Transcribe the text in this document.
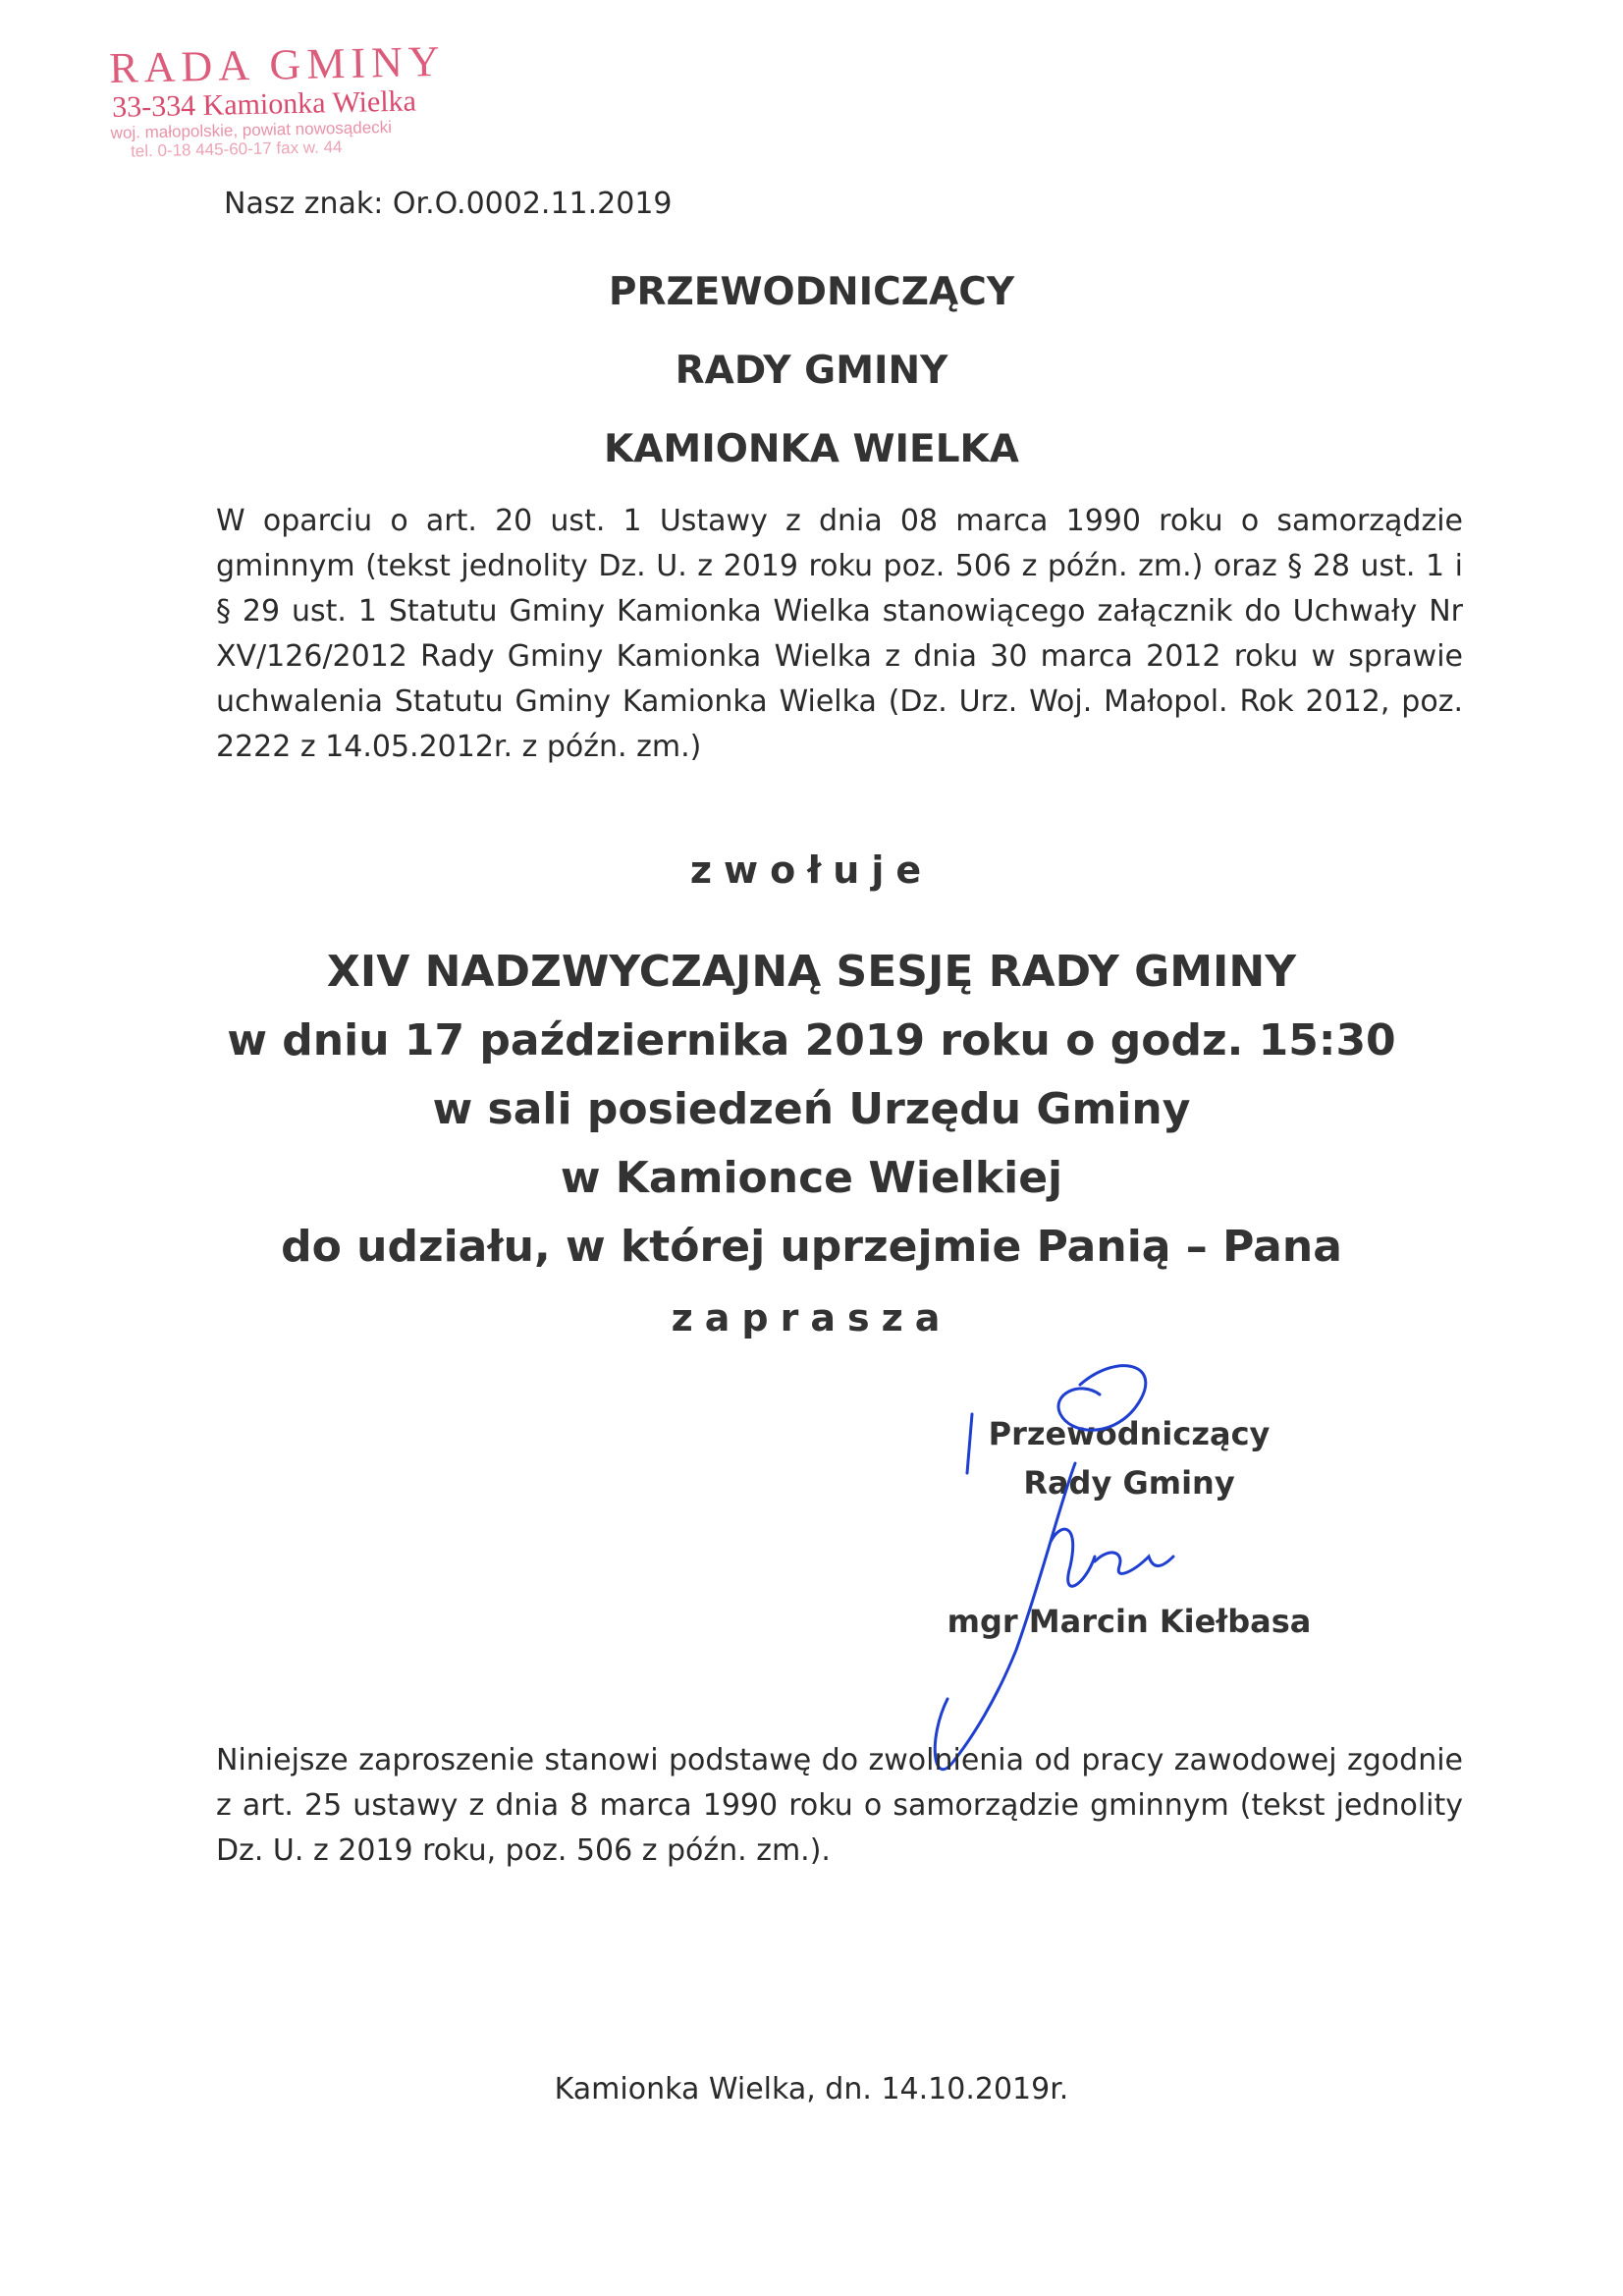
RADA GMINY
33-334 Kamionka Wielka
woj. małopolskie, powiat nowosądecki
tel. 0-18 445-60-17 fax w. 44
Nasz znak: Or.O.0002.11.2019
PRZEWODNICZĄCY
RADY GMINY
KAMIONKA WIELKA
W oparciu o art. 20 ust. 1 Ustawy z dnia 08 marca 1990 roku o samorządzie gminnym (tekst jednolity Dz. U. z 2019 roku poz. 506 z późn. zm.) oraz § 28 ust. 1 i § 29 ust. 1 Statutu Gminy Kamionka Wielka stanowiącego załącznik do Uchwały Nr XV/126/2012 Rady Gminy Kamionka Wielka z dnia 30 marca 2012 roku w sprawie uchwalenia Statutu Gminy Kamionka Wielka (Dz. Urz. Woj. Małopol. Rok 2012, poz. 2222 z 14.05.2012r. z późn. zm.)
zwołuje
XIV NADZWYCZAJNĄ SESJĘ RADY GMINY
w dniu 17 października 2019 roku o godz. 15:30
w sali posiedzeń Urzędu Gminy
w Kamionce Wielkiej
do udziału, w której uprzejmie Panią – Pana
zaprasza
Przewodniczący
Rady Gminy
mgr Marcin Kiełbasa
Niniejsze zaproszenie stanowi podstawę do zwolnienia od pracy zawodowej zgodnie z art. 25 ustawy z dnia 8 marca 1990 roku o samorządzie gminnym (tekst jednolity Dz. U. z 2019 roku, poz. 506 z późn. zm.).
Kamionka Wielka, dn. 14.10.2019r.
